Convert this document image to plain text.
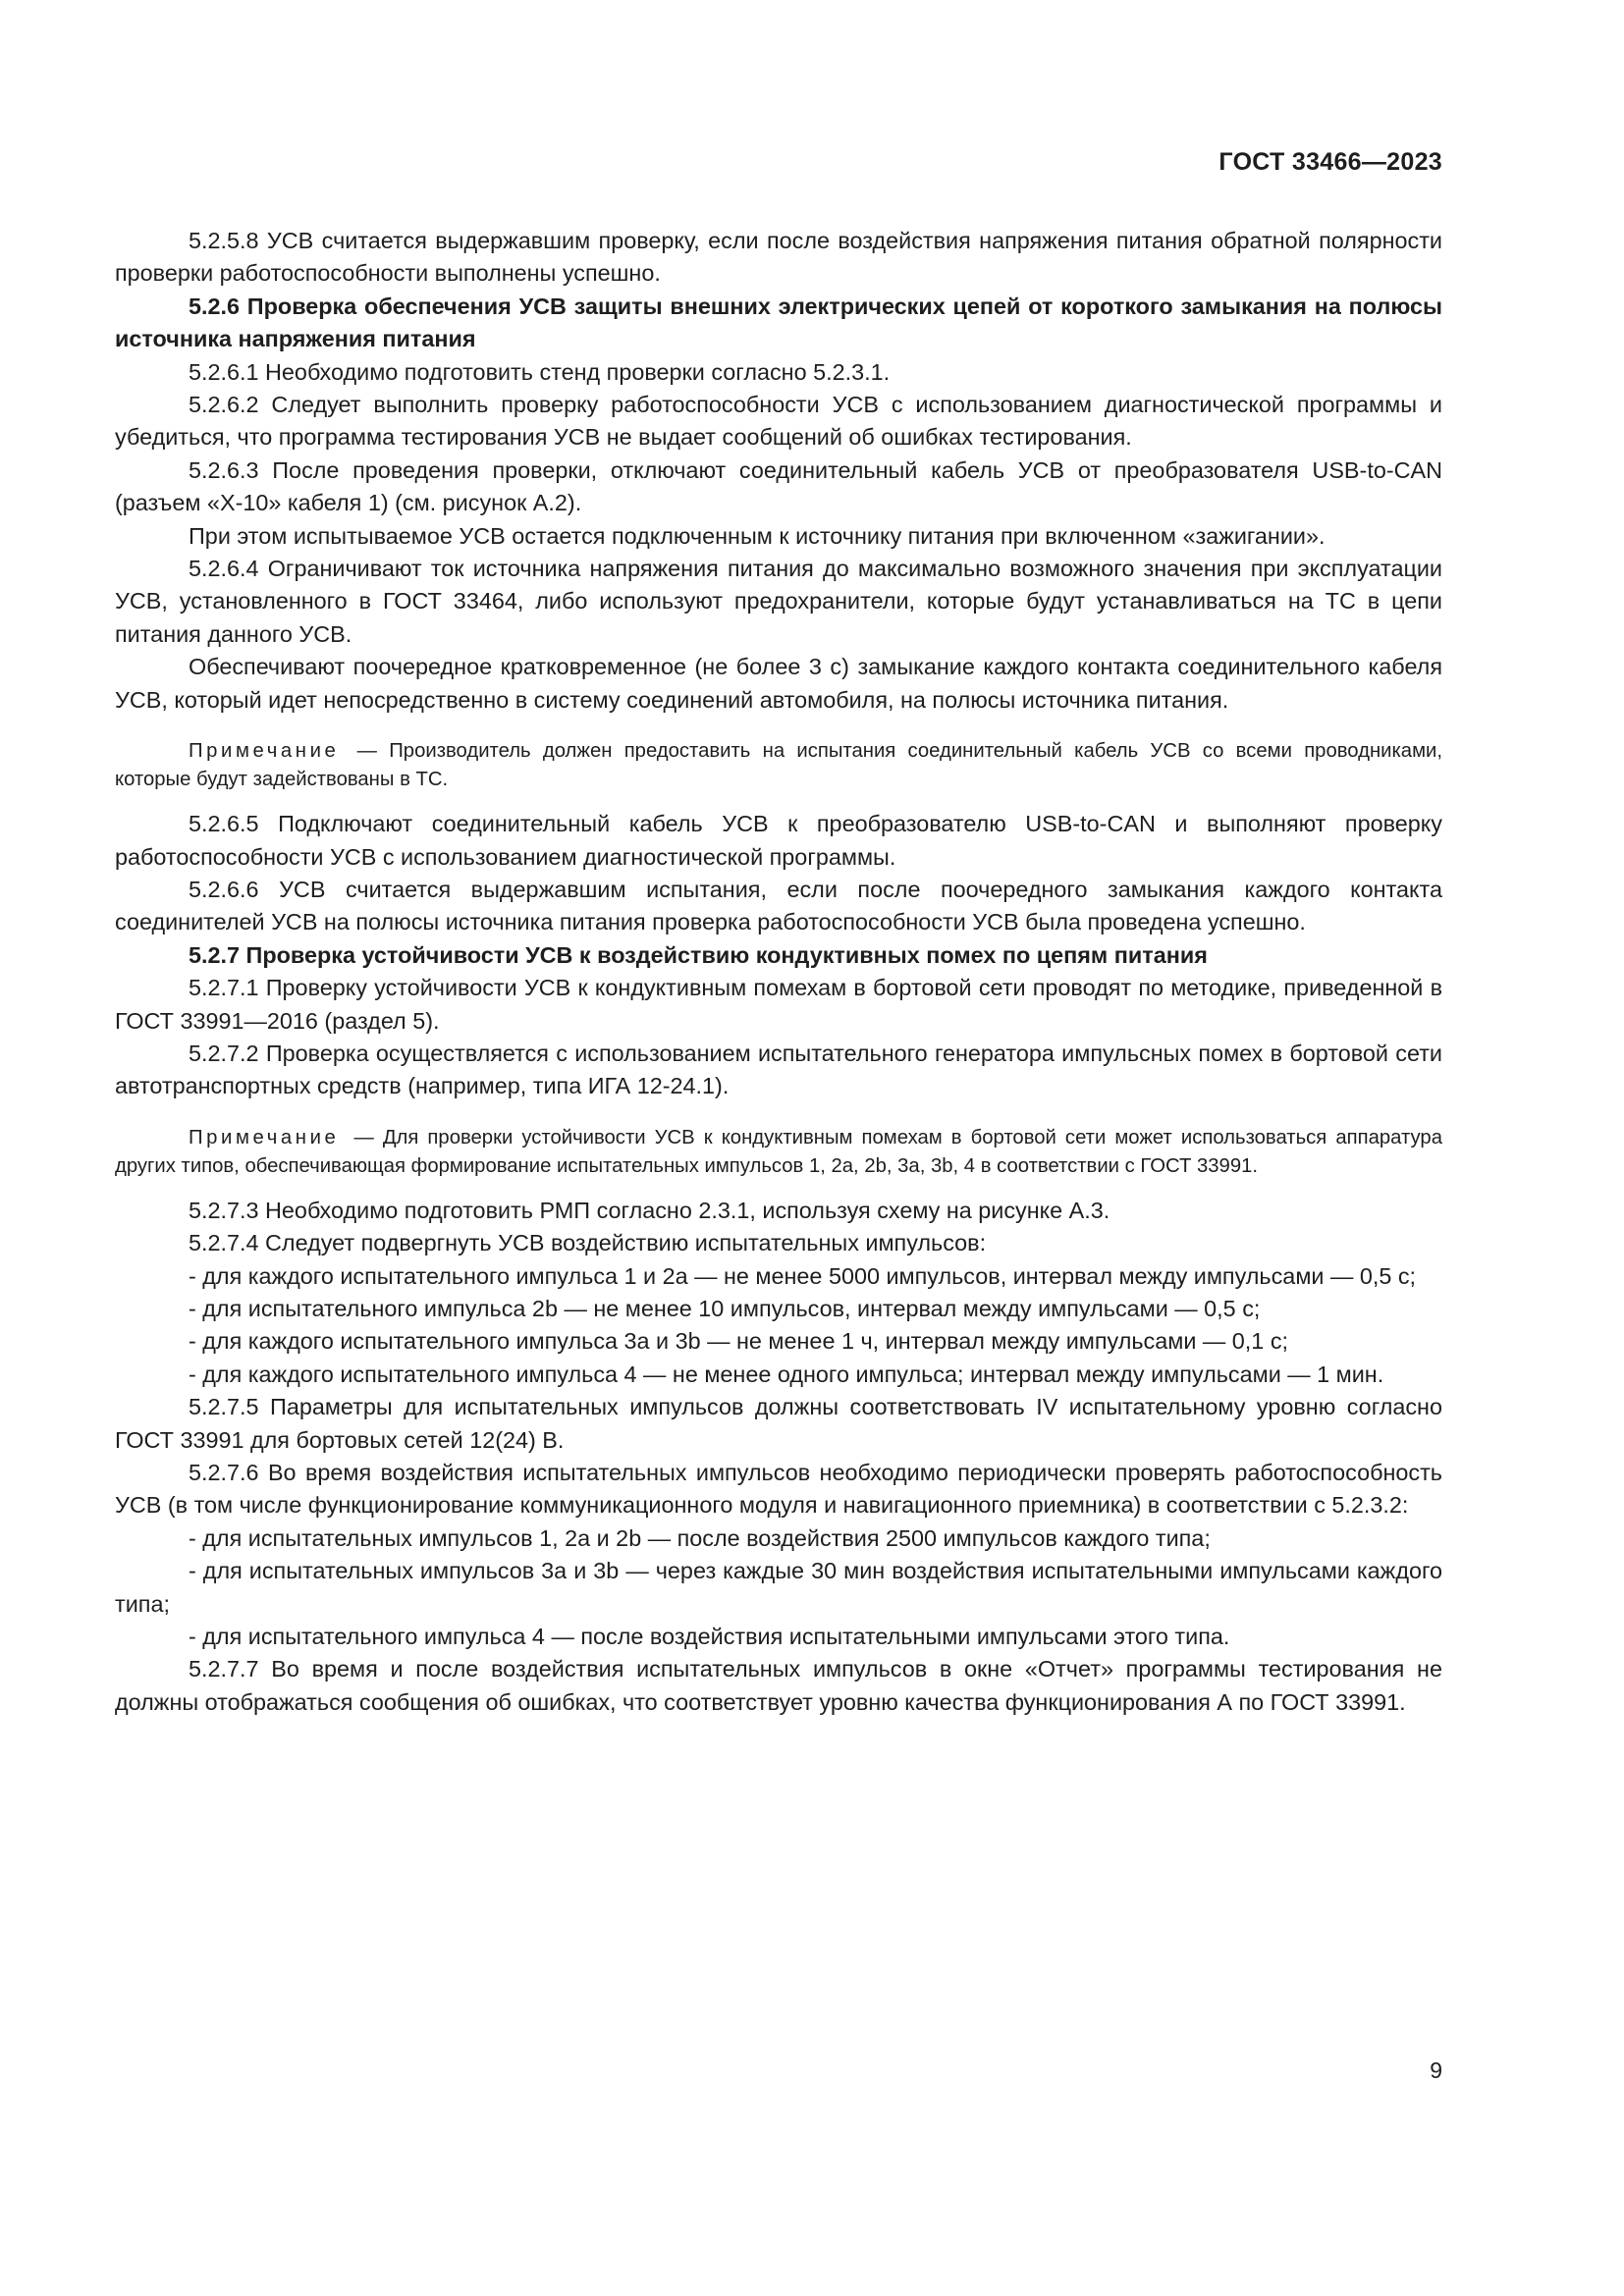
ГОСТ 33466—2023

5.2.5.8 УСВ считается выдержавшим проверку, если после воздействия напряжения питания обратной полярности проверки работоспособности выполнены успешно.

5.2.6 Проверка обеспечения УСВ защиты внешних электрических цепей от короткого замыкания на полюсы источника напряжения питания

5.2.6.1 Необходимо подготовить стенд проверки согласно 5.2.3.1.

5.2.6.2 Следует выполнить проверку работоспособности УСВ с использованием диагностической программы и убедиться, что программа тестирования УСВ не выдает сообщений об ошибках тестирования.

5.2.6.3 После проведения проверки, отключают соединительный кабель УСВ от преобразователя USB-to-CAN (разъем «Х-10» кабеля 1) (см. рисунок А.2).

При этом испытываемое УСВ остается подключенным к источнику питания при включенном «зажигании».

5.2.6.4 Ограничивают ток источника напряжения питания до максимально возможного значения при эксплуатации УСВ, установленного в ГОСТ 33464, либо используют предохранители, которые будут устанавливаться на ТС в цепи питания данного УСВ.

Обеспечивают поочередное кратковременное (не более 3 с) замыкание каждого контакта соединительного кабеля УСВ, который идет непосредственно в систему соединений автомобиля, на полюсы источника питания.

Примечание — Производитель должен предоставить на испытания соединительный кабель УСВ со всеми проводниками, которые будут задействованы в ТС.

5.2.6.5 Подключают соединительный кабель УСВ к преобразователю USB-to-CAN и выполняют проверку работоспособности УСВ с использованием диагностической программы.

5.2.6.6 УСВ считается выдержавшим испытания, если после поочередного замыкания каждого контакта соединителей УСВ на полюсы источника питания проверка работоспособности УСВ была проведена успешно.

5.2.7 Проверка устойчивости УСВ к воздействию кондуктивных помех по цепям питания

5.2.7.1 Проверку устойчивости УСВ к кондуктивным помехам в бортовой сети проводят по методике, приведенной в ГОСТ 33991—2016 (раздел 5).

5.2.7.2 Проверка осуществляется с использованием испытательного генератора импульсных помех в бортовой сети автотранспортных средств (например, типа ИГА 12-24.1).

Примечание — Для проверки устойчивости УСВ к кондуктивным помехам в бортовой сети может использоваться аппаратура других типов, обеспечивающая формирование испытательных импульсов 1, 2a, 2b, 3a, 3b, 4 в соответствии с ГОСТ 33991.

5.2.7.3 Необходимо подготовить РМП согласно 2.3.1, используя схему на рисунке А.3.

5.2.7.4 Следует подвергнуть УСВ воздействию испытательных импульсов:

- для каждого испытательного импульса 1 и 2a — не менее 5000 импульсов, интервал между импульсами — 0,5 с;

- для испытательного импульса 2b — не менее 10 импульсов, интервал между импульсами — 0,5 с;

- для каждого испытательного импульса 3a и 3b — не менее 1 ч, интервал между импульсами — 0,1 с;

- для каждого испытательного импульса 4 — не менее одного импульса; интервал между импульсами — 1 мин.

5.2.7.5 Параметры для испытательных импульсов должны соответствовать IV испытательному уровню согласно ГОСТ 33991 для бортовых сетей 12(24) В.

5.2.7.6 Во время воздействия испытательных импульсов необходимо периодически проверять работоспособность УСВ (в том числе функционирование коммуникационного модуля и навигационного приемника) в соответствии с 5.2.3.2:

- для испытательных импульсов 1, 2a и 2b — после воздействия 2500 импульсов каждого типа;

- для испытательных импульсов 3a и 3b — через каждые 30 мин воздействия испытательными импульсами каждого типа;

- для испытательного импульса 4 — после воздействия испытательными импульсами этого типа.

5.2.7.7 Во время и после воздействия испытательных импульсов в окне «Отчет» программы тестирования не должны отображаться сообщения об ошибках, что соответствует уровню качества функционирования А по ГОСТ 33991.

9
